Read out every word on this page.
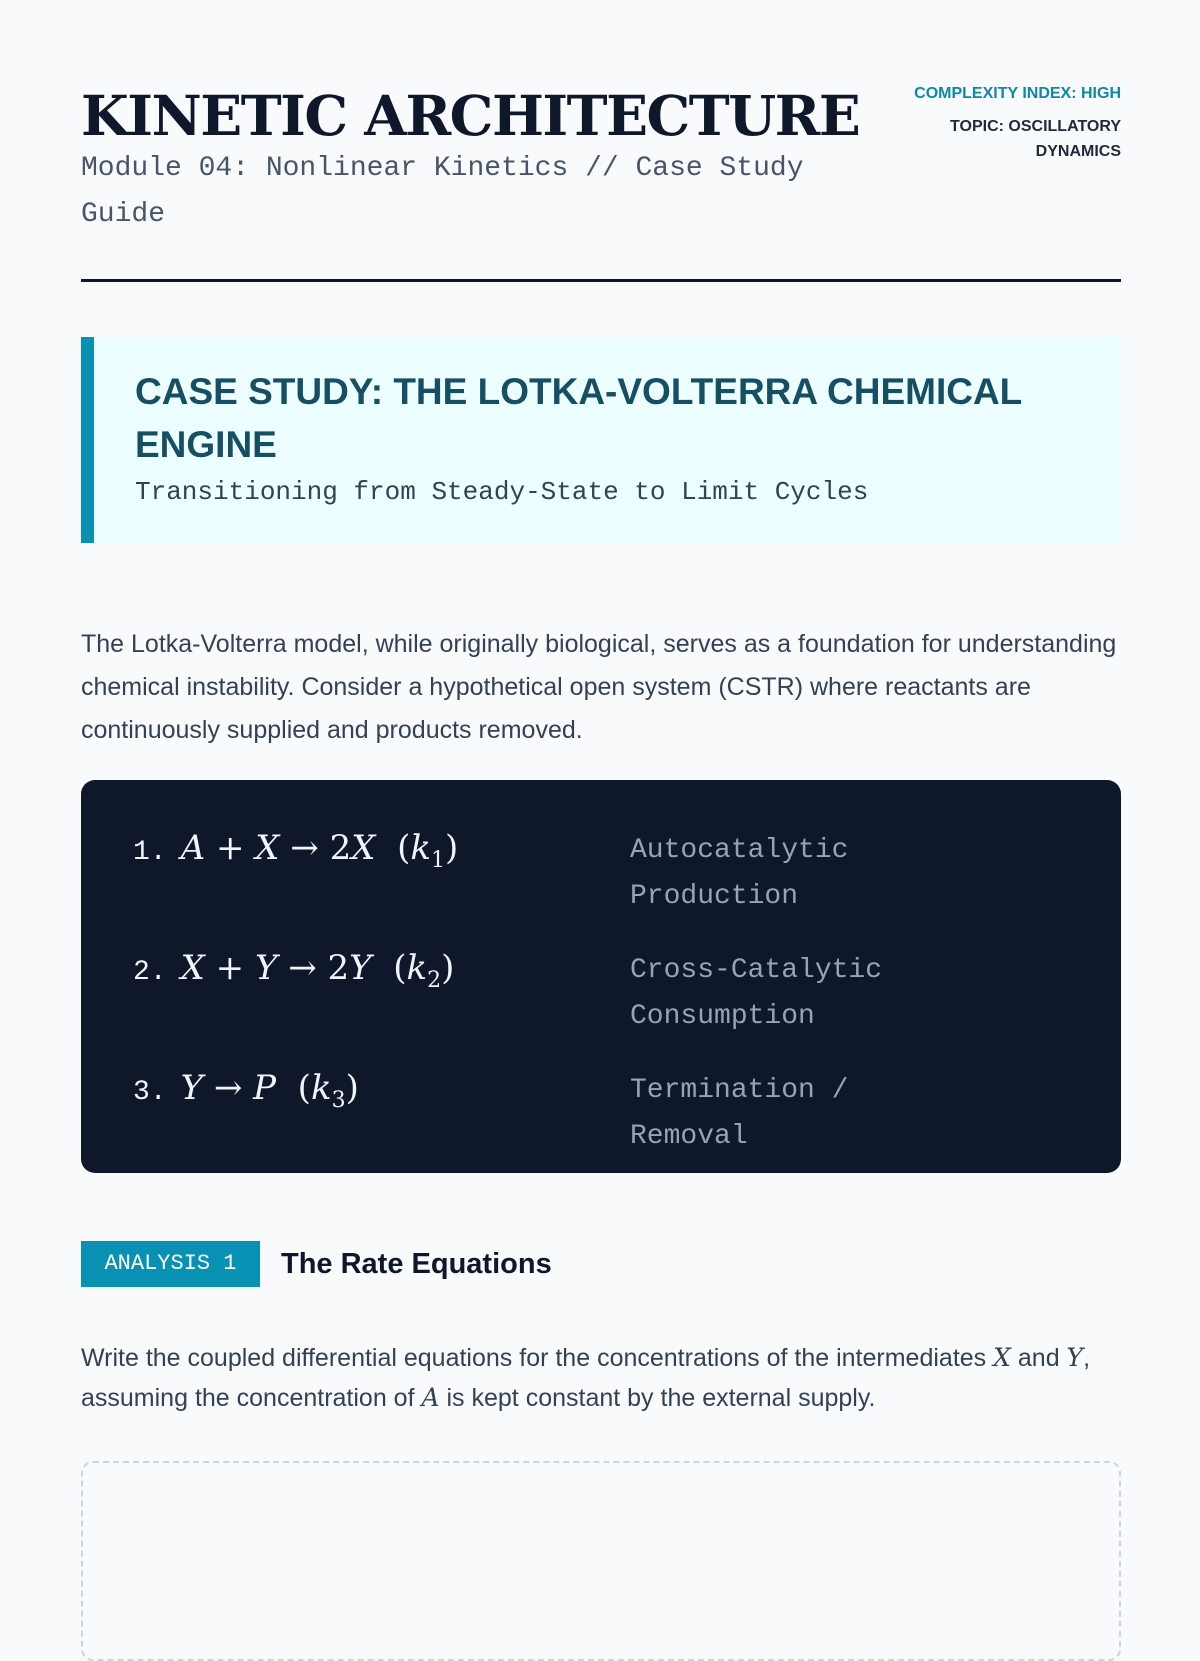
KINETIC ARCHITECTURE
Module 04: Nonlinear Kinetics // Case Study Guide
COMPLEXITY INDEX: HIGH
TOPIC: OSCILLATORY DYNAMICS
CASE STUDY: THE LOTKA-VOLTERRA CHEMICAL ENGINE
Transitioning from Steady-State to Limit Cycles

The Lotka-Volterra model, while originally biological, serves as a foundation for understanding chemical instability. Consider a hypothetical open system (CSTR) where reactants are continuously supplied and products removed.

1. A + X → 2X  $(k_1)$	Autocatalytic Production
2. X + Y → 2Y  $(k_2)$	Cross-Catalytic Consumption
3. Y → P  $(k_3)$	Termination / Removal
ANALYSIS 1	The Rate Equations

Write the coupled differential equations for the concentrations of the intermediates X and Y, assuming the concentration of A is kept constant by the external supply.
